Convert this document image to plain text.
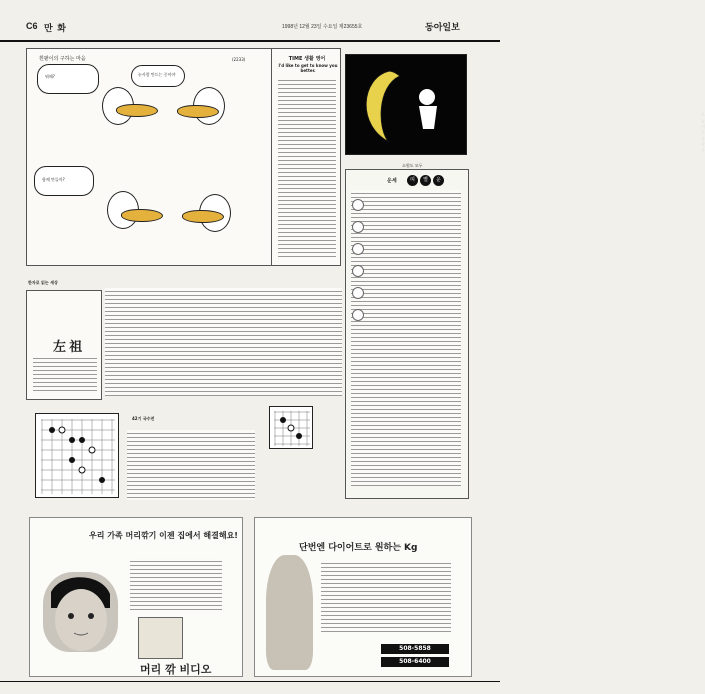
C6 만 화	1998년 12월 23일 수요일 제23655호	동아일보
흰팥이의 구하는 마음	(2233)
뭐해?	눈사람 만드는 중이야
함께 만들까?
TIME 생활 영어
I'd like to get to know you better.
오늘의 마음창문
소원도 모두
운세	띠	별	운
한자로 읽는 세상
左 祖
42기 국수전
우리 가족 머리깎기 이젠 집에서 해결해요!
머리 깎 비디오
단번엔 다이어트로 원하는 Kg
508-5858
508-6400
